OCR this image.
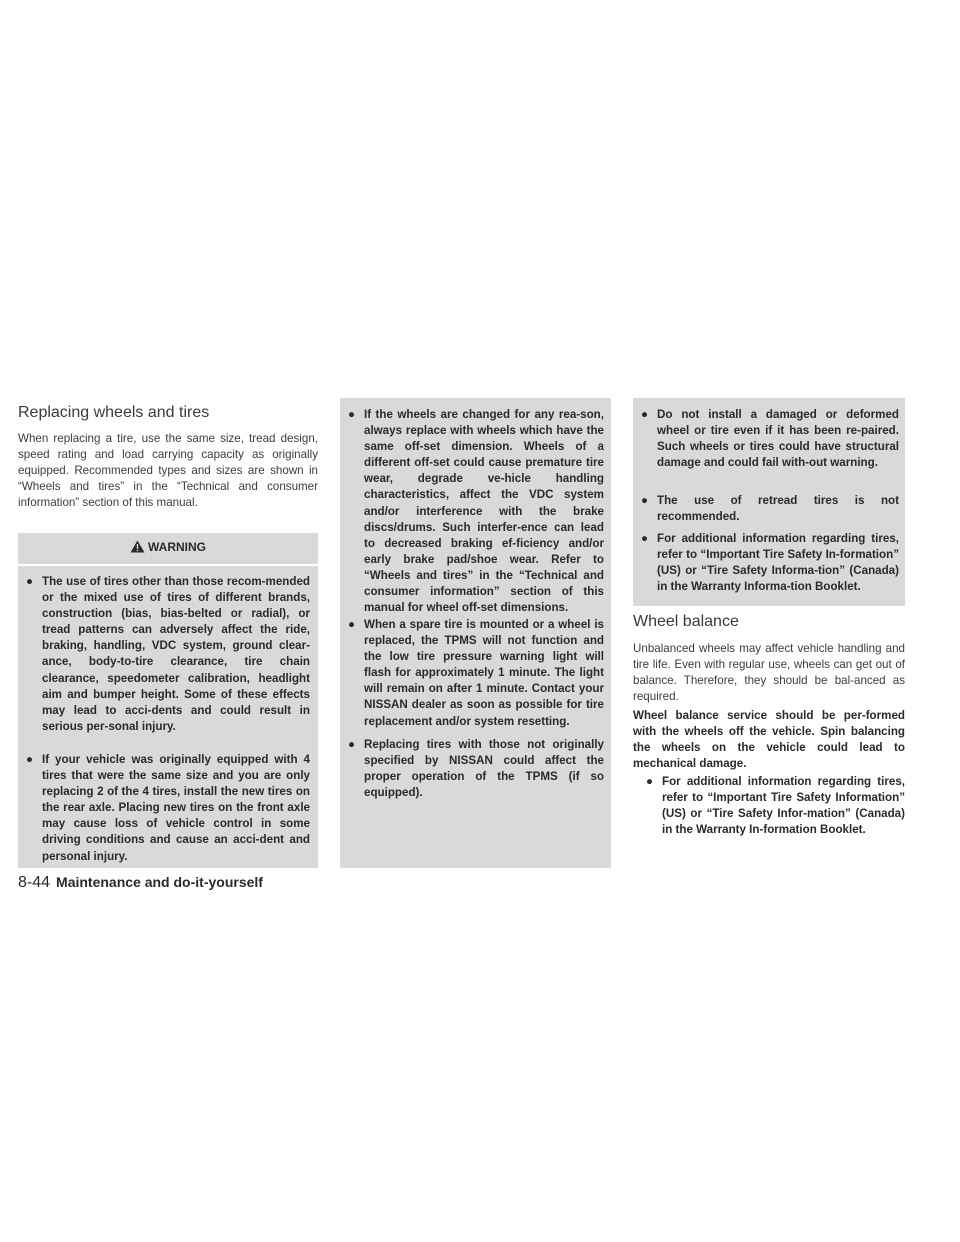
Replacing wheels and tires

When replacing a tire, use the same size, tread design, speed rating and load carrying capacity as originally equipped. Recommended types and sizes are shown in “Wheels and tires” in the “Technical and consumer information” section of this manual.

WARNING
● The use of tires other than those recom-mended or the mixed use of tires of different brands, construction (bias, bias-belted or radial), or tread patterns can adversely affect the ride, braking, handling, VDC system, ground clear-ance, body-to-tire clearance, tire chain clearance, speedometer calibration, headlight aim and bumper height. Some of these effects may lead to acci-dents and could result in serious per-sonal injury.
● If your vehicle was originally equipped with 4 tires that were the same size and you are only replacing 2 of the 4 tires, install the new tires on the rear axle. Placing new tires on the front axle may cause loss of vehicle control in some driving conditions and cause an acci-dent and personal injury.
● If the wheels are changed for any rea-son, always replace with wheels which have the same off-set dimension. Wheels of a different off-set could cause premature tire wear, degrade ve-hicle handling characteristics, affect the VDC system and/or interference with the brake discs/drums. Such interfer-ence can lead to decreased braking ef-ficiency and/or early brake pad/shoe wear. Refer to “Wheels and tires” in the “Technical and consumer information” section of this manual for wheel off-set dimensions.
● When a spare tire is mounted or a wheel is replaced, the TPMS will not function and the low tire pressure warning light will flash for approximately 1 minute. The light will remain on after 1 minute. Contact your NISSAN dealer as soon as possible for tire replacement and/or system resetting.
● Replacing tires with those not originally specified by NISSAN could affect the proper operation of the TPMS (if so equipped).
● Do not install a damaged or deformed wheel or tire even if it has been re-paired. Such wheels or tires could have structural damage and could fail with-out warning.
● The use of retread tires is not recommended.
● For additional information regarding tires, refer to “Important Tire Safety In-formation” (US) or “Tire Safety Informa-tion” (Canada) in the Warranty Informa-tion Booklet.
Wheel balance

Unbalanced wheels may affect vehicle handling and tire life. Even with regular use, wheels can get out of balance. Therefore, they should be bal-anced as required.

Wheel balance service should be per-formed with the wheels off the vehicle. Spin balancing the wheels on the vehicle could lead to mechanical damage.

● For additional information regarding tires, refer to “Important Tire Safety Information” (US) or “Tire Safety Infor-mation” (Canada) in the Warranty In-formation Booklet.
8-44 Maintenance and do-it-yourself
